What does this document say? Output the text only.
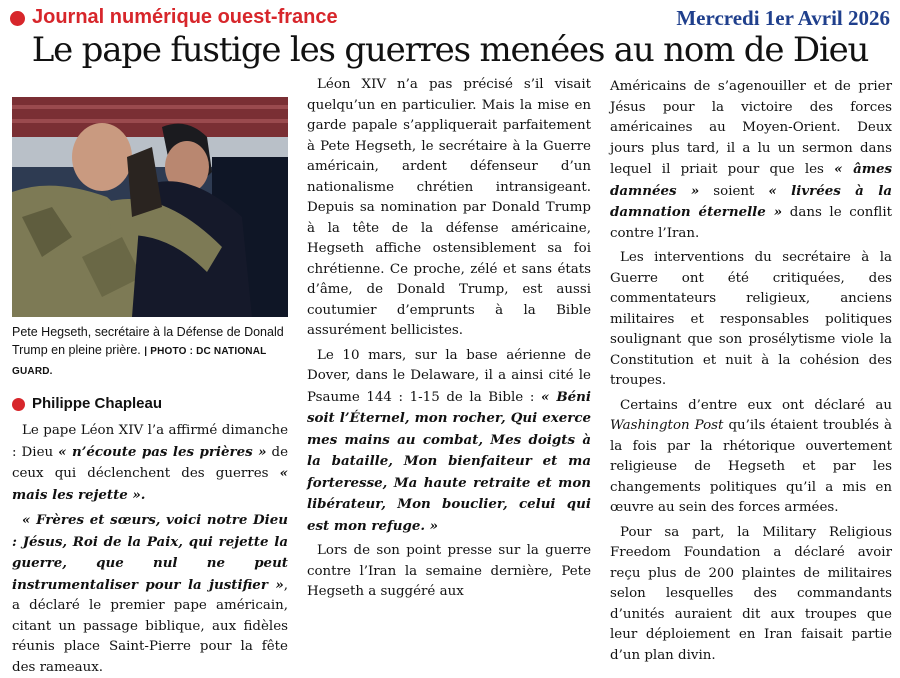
Journal numérique ouest-france	Mercredi 1er Avril 2026
Le pape fustige les guerres menées au nom de Dieu
Pete Hegseth, secrétaire à la Défense de Donald Trump en pleine prière. | PHOTO : DC NATIONAL GUARD.
Philippe Chapleau

Le pape Léon XIV l’a affirmé dimanche : Dieu « n’écoute pas les prières » de ceux qui déclenchent des guerres « mais les rejette ».

« Frères et sœurs, voici notre Dieu : Jésus, Roi de la Paix, qui rejette la guerre, que nul ne peut instrumentaliser pour la justifier », a déclaré le premier pape américain, citant un passage biblique, aux fidèles réunis place Saint-Pierre pour la fête des rameaux.

Léon XIV n’a pas précisé s’il visait quelqu’un en particulier. Mais la mise en garde papale s’appliquerait parfaitement à Pete Hegseth, le secrétaire à la Guerre américain, ardent défenseur d’un nationalisme chrétien intransigeant. Depuis sa nomination par Donald Trump à la tête de la défense américaine, Hegseth affiche ostensiblement sa foi chrétienne. Ce proche, zélé et sans états d’âme, de Donald Trump, est aussi coutumier d’emprunts à la Bible assurément bellicistes.

Le 10 mars, sur la base aérienne de Dover, dans le Delaware, il a ainsi cité le Psaume 144 : 1-15 de la Bible : « Béni soit l’Éternel, mon rocher, Qui exerce mes mains au combat, Mes doigts à la bataille, Mon bienfaiteur et ma forteresse, Ma haute retraite et mon libérateur, Mon bouclier, celui qui est mon refuge. »

Lors de son point presse sur la guerre contre l’Iran la semaine dernière, Pete Hegseth a suggéré aux

Américains de s’agenouiller et de prier Jésus pour la victoire des forces américaines au Moyen-Orient. Deux jours plus tard, il a lu un sermon dans lequel il priait pour que les « âmes damnées » soient « livrées à la damnation éternelle » dans le conflit contre l’Iran.

Les interventions du secrétaire à la Guerre ont été critiquées, des commentateurs religieux, anciens militaires et responsables politiques soulignant que son prosélytisme viole la Constitution et nuit à la cohésion des troupes.

Certains d’entre eux ont déclaré au Washington Post qu’ils étaient troublés à la fois par la rhétorique ouvertement religieuse de Hegseth et par les changements politiques qu’il a mis en œuvre au sein des forces armées.

Pour sa part, la Military Religious Freedom Foundation a déclaré avoir reçu plus de 200 plaintes de militaires selon lesquelles des commandants d’unités auraient dit aux troupes que leur déploiement en Iran faisait partie d’un plan divin.
